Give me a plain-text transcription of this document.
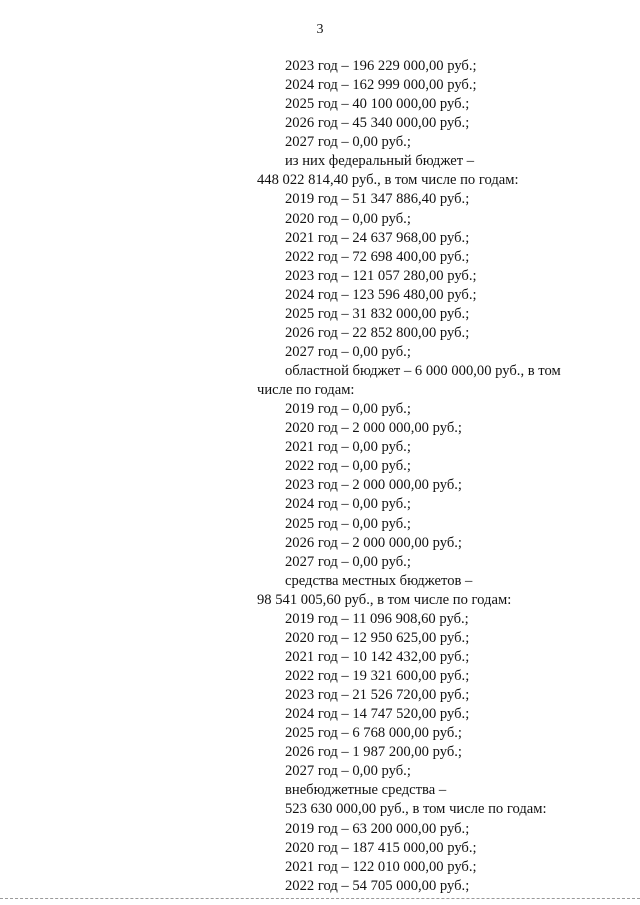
3
2023 год – 196 229 000,00 руб.;
2024 год – 162 999 000,00 руб.;
2025 год – 40 100 000,00 руб.;
2026 год – 45 340 000,00 руб.;
2027 год – 0,00 руб.;
из них федеральный бюджет –
448 022 814,40 руб., в том числе по годам:
2019 год – 51 347 886,40 руб.;
2020 год – 0,00 руб.;
2021 год – 24 637 968,00 руб.;
2022 год – 72 698 400,00 руб.;
2023 год – 121 057 280,00 руб.;
2024 год – 123 596 480,00 руб.;
2025 год – 31 832 000,00 руб.;
2026 год – 22 852 800,00 руб.;
2027 год – 0,00 руб.;
областной бюджет – 6 000 000,00 руб., в том
числе по годам:
2019 год – 0,00 руб.;
2020 год – 2 000 000,00 руб.;
2021 год – 0,00 руб.;
2022 год – 0,00 руб.;
2023 год – 2 000 000,00 руб.;
2024 год – 0,00 руб.;
2025 год – 0,00 руб.;
2026 год – 2 000 000,00 руб.;
2027 год – 0,00 руб.;
средства местных бюджетов –
98 541 005,60 руб., в том числе по годам:
2019 год – 11 096 908,60 руб.;
2020 год – 12 950 625,00 руб.;
2021 год – 10 142 432,00 руб.;
2022 год – 19 321 600,00 руб.;
2023 год – 21 526 720,00 руб.;
2024 год – 14 747 520,00 руб.;
2025 год – 6 768 000,00 руб.;
2026 год – 1 987 200,00 руб.;
2027 год – 0,00 руб.;
внебюджетные средства –
523 630 000,00 руб., в том числе по годам:
2019 год – 63 200 000,00 руб.;
2020 год – 187 415 000,00 руб.;
2021 год – 122 010 000,00 руб.;
2022 год – 54 705 000,00 руб.;
